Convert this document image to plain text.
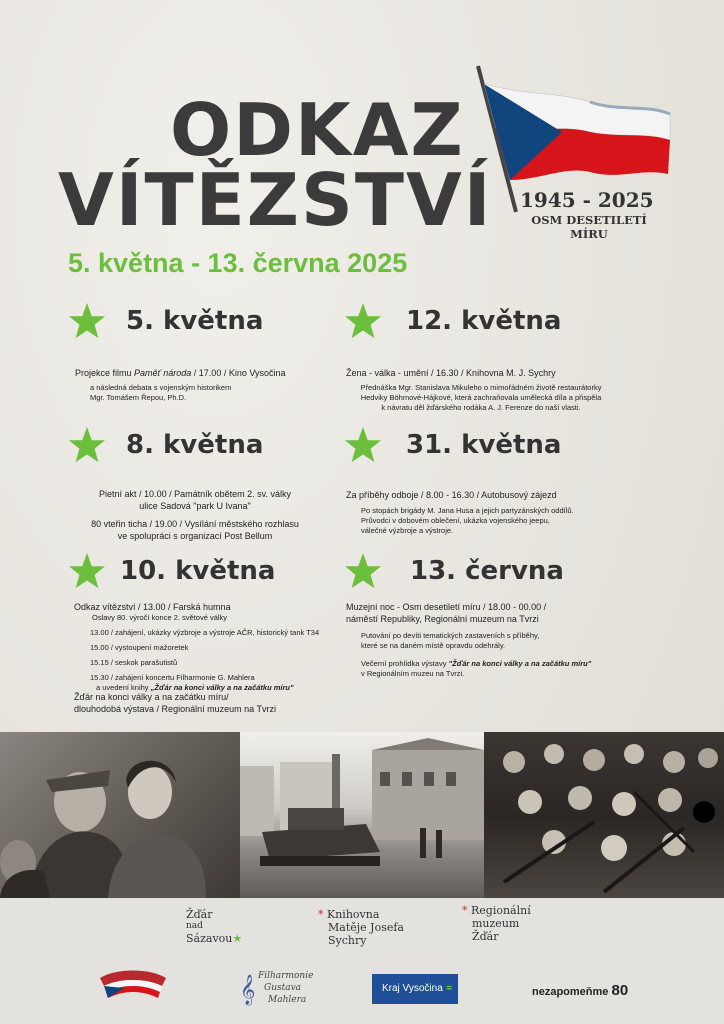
ODKAZ
VÍTĚZSTVÍ 1945 - 2025
OSM DESETILETÍ MÍRU
5. května - 13. června 2025
5. května
Projekce filmu Paměť národa / 17.00 / Kino Vysočina
a následná debata s vojenským historikem
Mgr. Tomášem Řepou, Ph.D.
12. května
Žena - válka - umění / 16.30 / Knihovna M. J. Sychry
Přednáška Mgr. Stanislava Mikuleho o mimořádném životě restaurátorky
Hedviky Böhmové-Hájkové, která zachraňovala umělecká díla a přispěla
k návratu děl žďárského rodáka A. J. Ferenze do naší vlasti.
8. května
Pietní akt / 10.00 / Památník obětem 2. sv. války
ulice Sadová "park U Ivana"
80 vteřin ticha / 19.00 / Vysílání městského rozhlasu
ve spolupráci s organizací Post Bellum
31. května
Za příběhy odboje / 8.00 - 16.30 / Autobusový zájezd
Po stopách brigády M. Jana Husa a jejich partyzánských oddílů.
Průvodci v dobovém oblečení, ukázka vojenského jeepu,
válečné výzbroje a výstroje.
10. května
Odkaz vítězství / 13.00 / Farská humna
Oslavy 80. výročí konce 2. světové války
13.00 / zahájení, ukázky výzbroje a výstroje AČR, historický tank T34
15.00 / vystoupení mažoretek
15.15 / seskok parašutistů
15.30 / zahájení koncertu Filharmonie G. Mahlera
a uvedení knihy „Žďár na konci války a na začátku míru"
Žďár na konci války a na začátku míru/
dlouhodobá výstava / Regionální muzeum na Tvrzi
13. června
Muzejní noc - Osm desetiletí míru / 18.00 - 00.00 /
náměstí Republiky, Regionální muzeum na Tvrzi
Putování po devíti tematických zastaveních s příběhy,
které se na daném místě opravdu odehrály.
Večerní prohlídka výstavy "Žďár na konci války a na začátku míru"
v Regionálním muzeu na Tvrzi.
Žďár
nad
Sázavou★
* Knihovna
Matěje Josefa
Sychry
* Regionální
muzeum
Žďár
𝄞 Filharmonie
Gustava
Mahlera
Kraj Vysočina ≈	nezapomeňme 80
